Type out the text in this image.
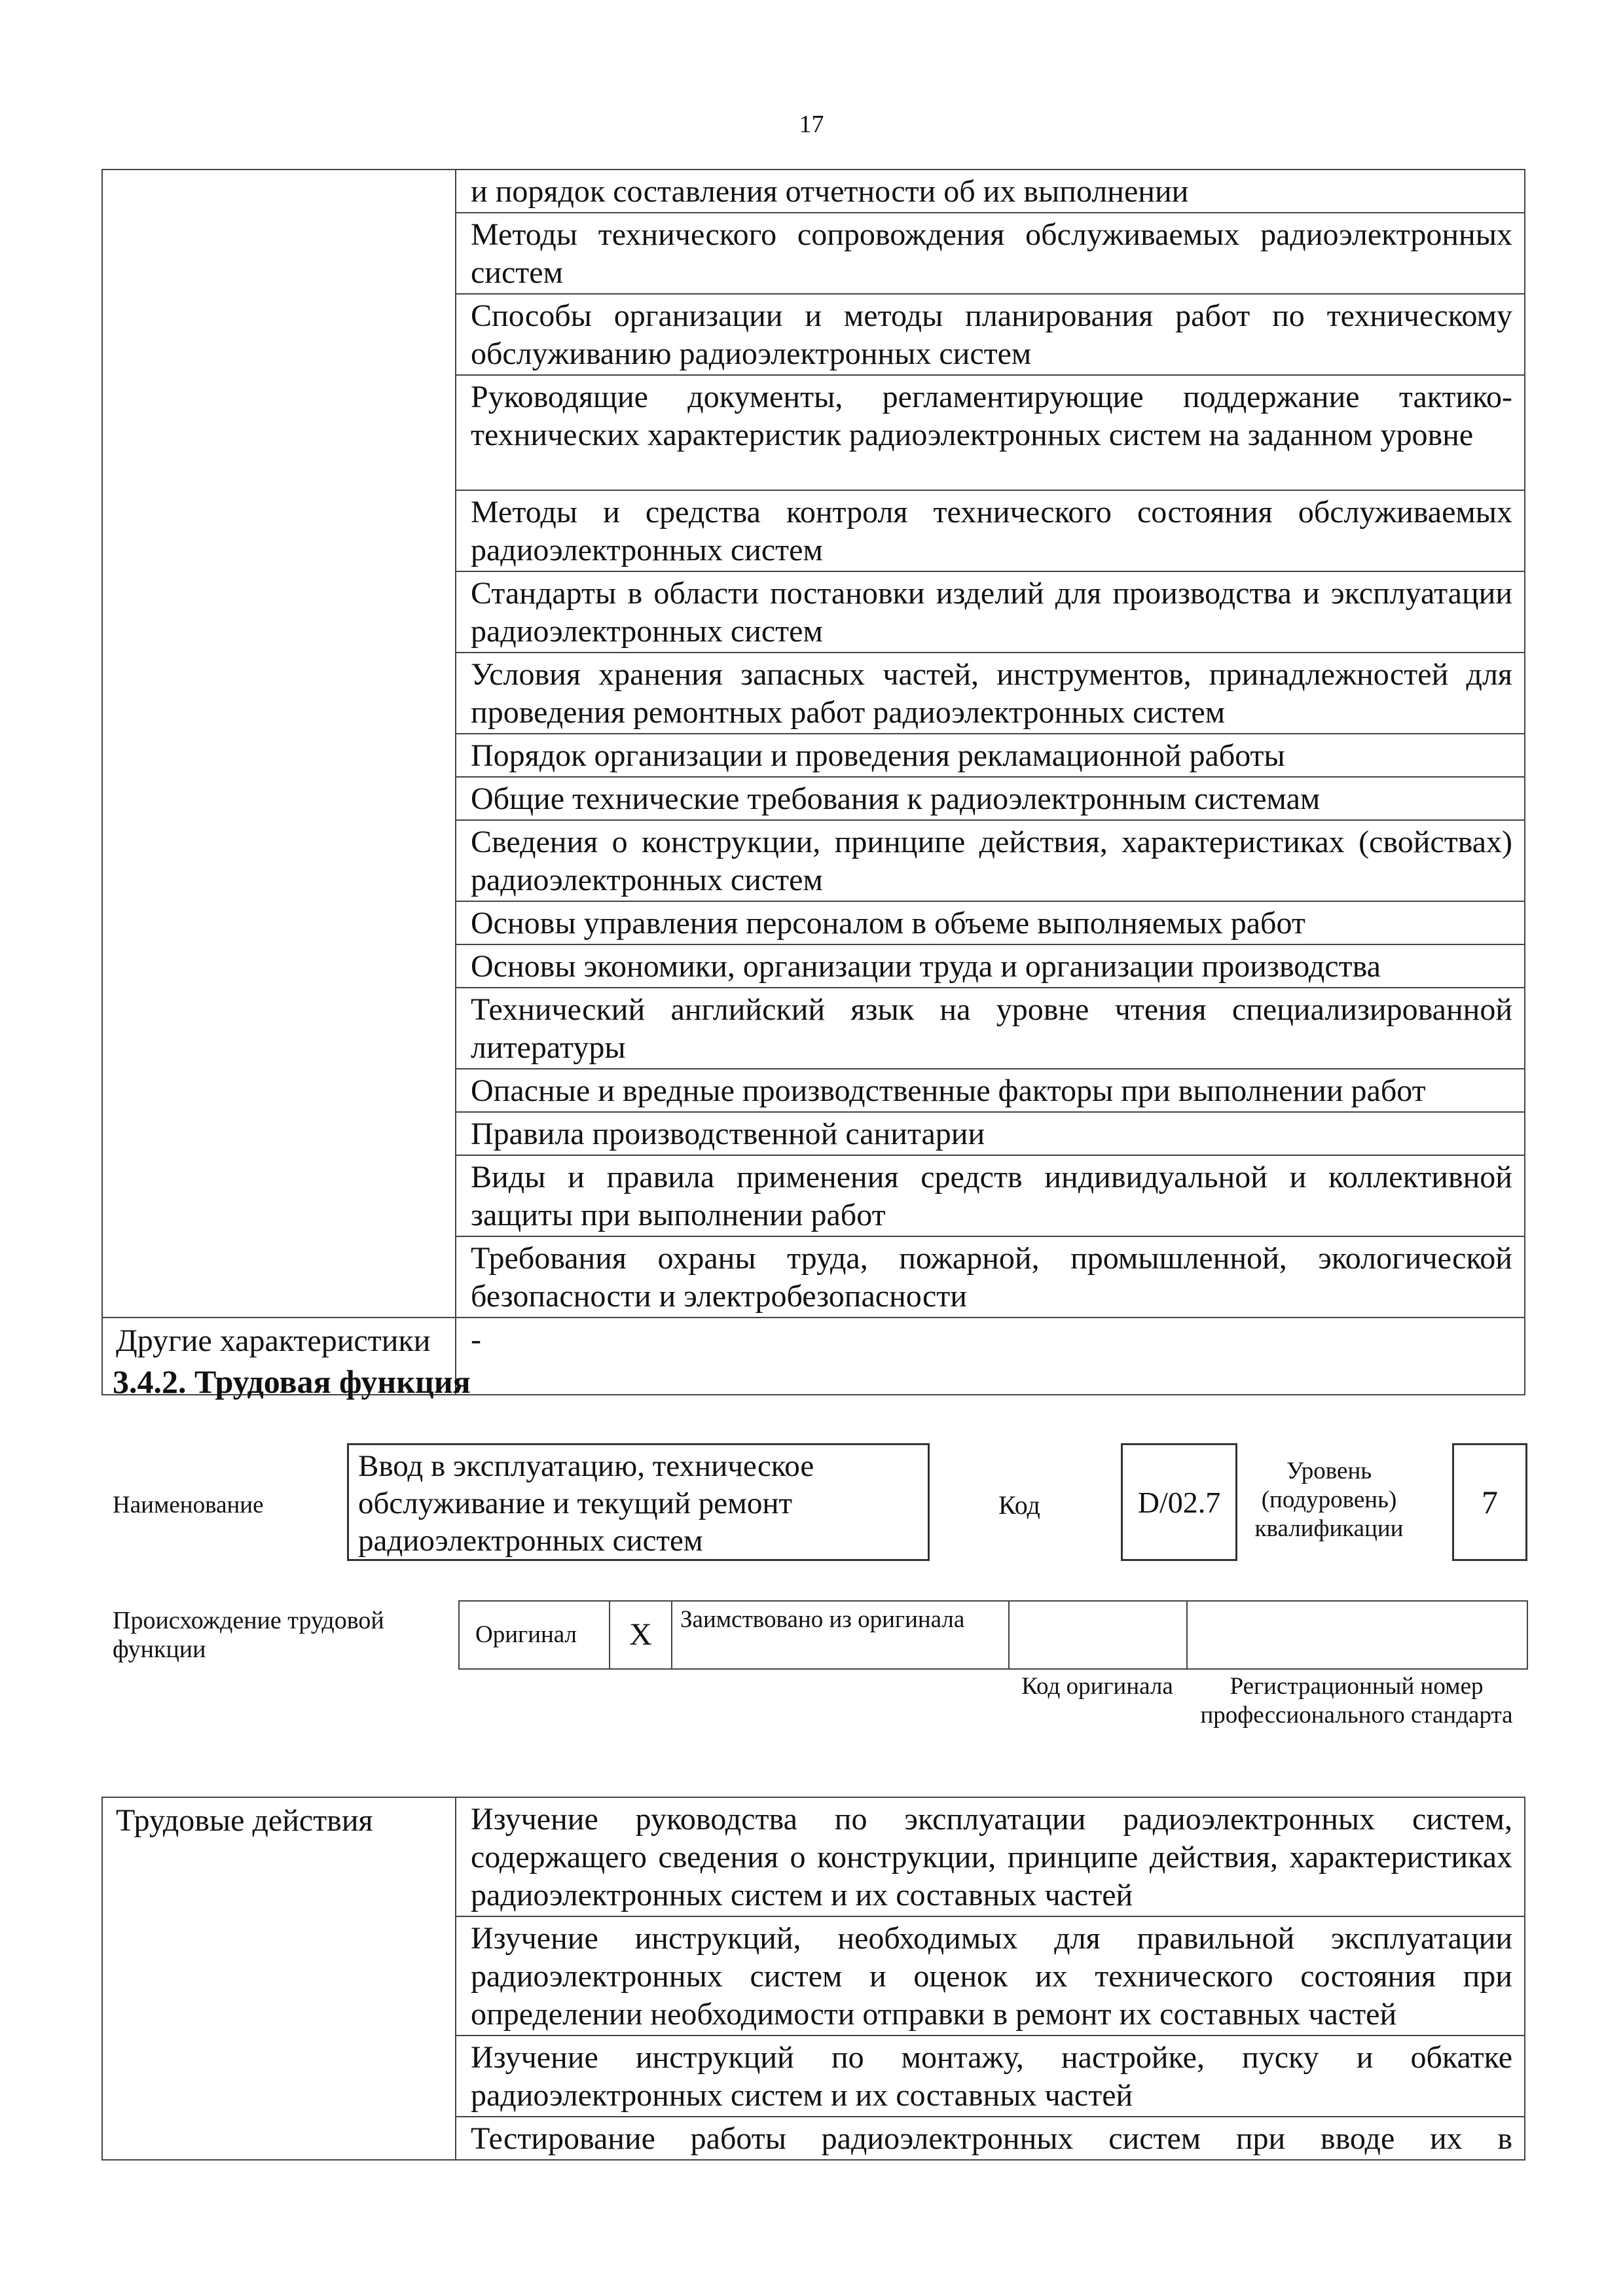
17
	и порядок составления отчетности об их выполнении
	Методы технического сопровождения обслуживаемых радиоэлектронных систем
	Способы организации и методы планирования работ по техническому обслуживанию радиоэлектронных систем
	Руководящие документы, регламентирующие поддержание тактико-технических характеристик радиоэлектронных систем на заданном уровне
	Методы и средства контроля технического состояния обслуживаемых радиоэлектронных систем
	Стандарты в области постановки изделий для производства и эксплуатации радиоэлектронных систем
	Условия хранения запасных частей, инструментов, принадлежностей для проведения ремонтных работ радиоэлектронных систем
	Порядок организации и проведения рекламационной работы
	Общие технические требования к радиоэлектронным системам
	Сведения о конструкции, принципе действия, характеристиках (свойствах) радиоэлектронных систем
	Основы управления персоналом в объеме выполняемых работ
	Основы экономики, организации труда и организации производства
	Технический английский язык на уровне чтения специализированной литературы
	Опасные и вредные производственные факторы при выполнении работ
	Правила производственной санитарии
	Виды и правила применения средств индивидуальной и коллективной защиты при выполнении работ
	Требования охраны труда, пожарной, промышленной, экологической безопасности и электробезопасности
Другие характеристики	-
3.4.2. Трудовая функция
Наименование
Ввод в эксплуатацию, техническое обслуживание и текущий ремонт радиоэлектронных систем
Код	D/02.7
Уровень (подуровень) квалификации
7
Происхождение трудовой функции
Оригинал	X	Заимствовано из оригинала		
Код оригинала	Регистрационный номер профессионального стандарта
Трудовые действия	Изучение руководства по эксплуатации радиоэлектронных систем, содержащего сведения о конструкции, принципе действия, характеристиках радиоэлектронных систем и их составных частей
Изучение инструкций, необходимых для правильной эксплуатации радиоэлектронных систем и оценок их технического состояния при определении необходимости отправки в ремонт их составных частей
Изучение инструкций по монтажу, настройке, пуску и обкатке радиоэлектронных систем и их составных частей
Тестирование работы радиоэлектронных систем при вводе их в
